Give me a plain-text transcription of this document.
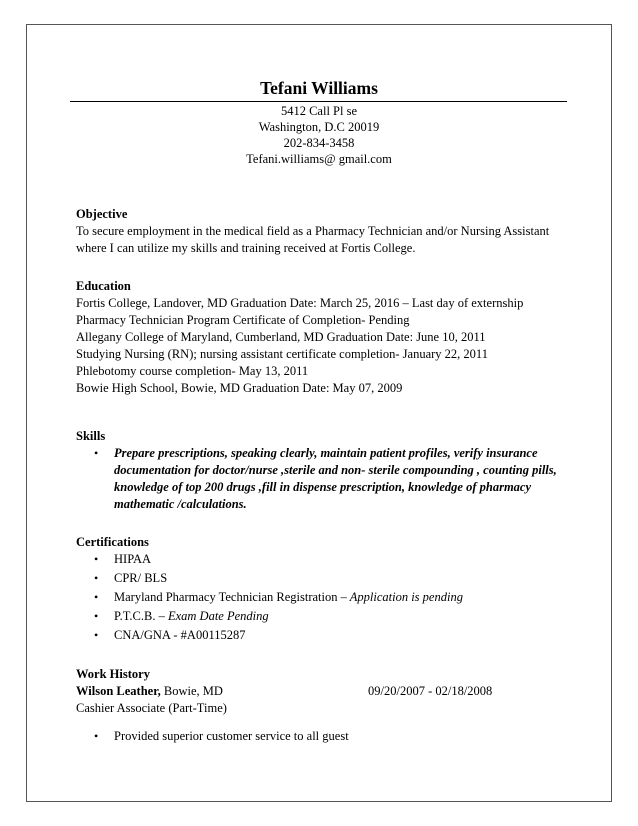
Tefani Williams
5412 Call Pl se
Washington, D.C 20019
202-834-3458
Tefani.williams@ gmail.com
Objective
To secure employment in the medical field as a Pharmacy Technician and/or Nursing Assistant
where I can utilize my skills and training received at Fortis College.
Education
Fortis College, Landover, MD Graduation Date: March 25, 2016 – Last day of externship
Pharmacy Technician Program Certificate of Completion- Pending
Allegany College of Maryland, Cumberland, MD Graduation Date: June 10, 2011
Studying Nursing (RN); nursing assistant certificate completion- January 22, 2011
Phlebotomy course completion- May 13, 2011
Bowie High School, Bowie, MD Graduation Date: May 07, 2009
Skills
• Prepare prescriptions, speaking clearly, maintain patient profiles, verify insurance
documentation for doctor/nurse ,sterile and non- sterile compounding , counting pills,
knowledge of top 200 drugs ,fill in dispense prescription, knowledge of pharmacy
mathematic /calculations.
Certifications
• HIPAA
• CPR/ BLS
• Maryland Pharmacy Technician Registration – Application is pending
• P.T.C.B. – Exam Date Pending
• CNA/GNA - #A00115287
Work History
Wilson Leather, Bowie, MD	09/20/2007 - 02/18/2008
Cashier Associate (Part-Time)
• Provided superior customer service to all guest
